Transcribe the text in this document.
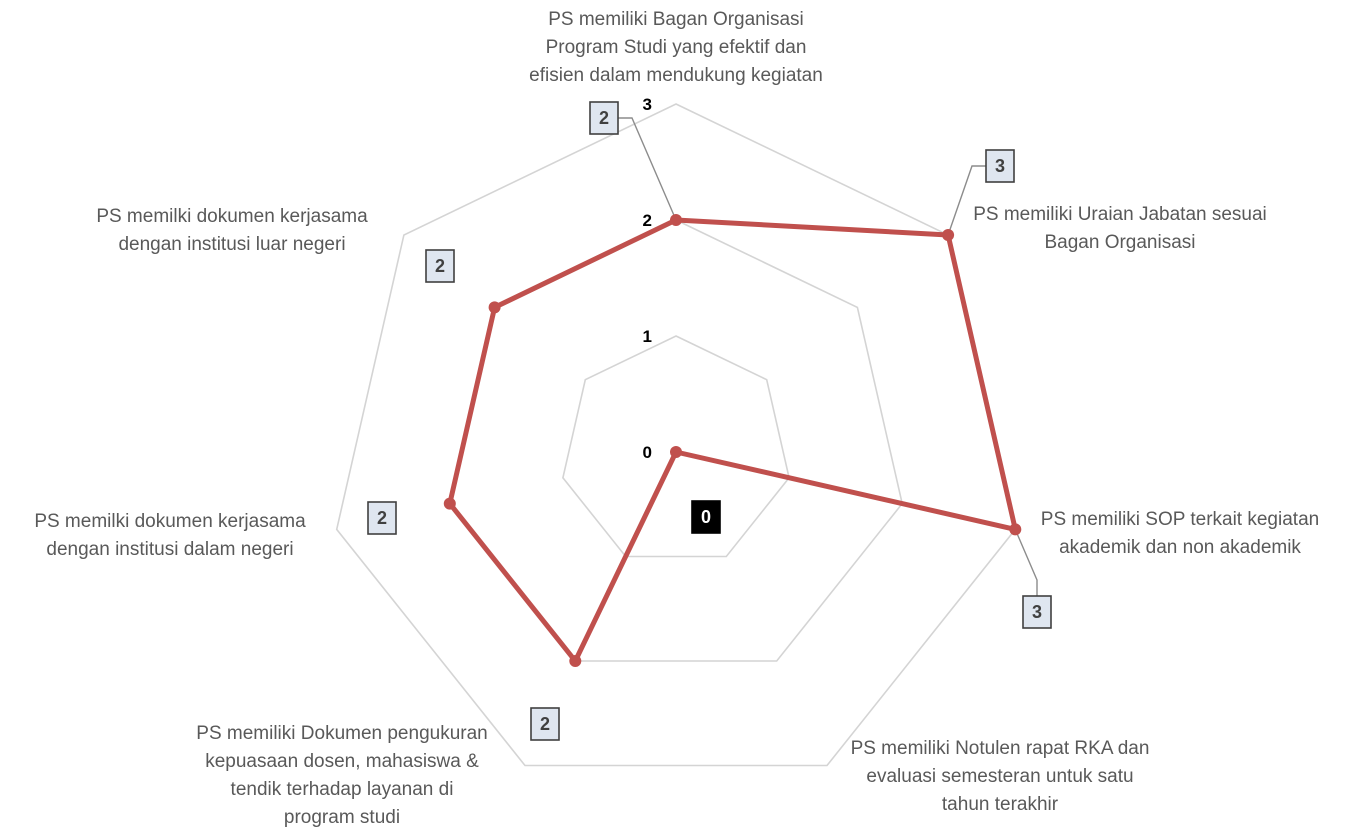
0
1
2
3
PS memiliki Bagan Organisasi Program Studi yang efektif dan efisien dalam mendukung kegiatan
PS memiliki Uraian Jabatan sesuai Bagan Organisasi
PS memiliki SOP terkait kegiatan akademik dan non akademik
PS memiliki Notulen rapat RKA dan evaluasi semesteran untuk satu tahun terakhir
PS memiliki Dokumen pengukuran kepuasaan dosen, mahasiswa & tendik terhadap layanan di program studi
PS memilki dokumen kerjasama dengan institusi dalam negeri
PS memilki dokumen kerjasama dengan institusi luar negeri
2
3
3
0
2
2
2
